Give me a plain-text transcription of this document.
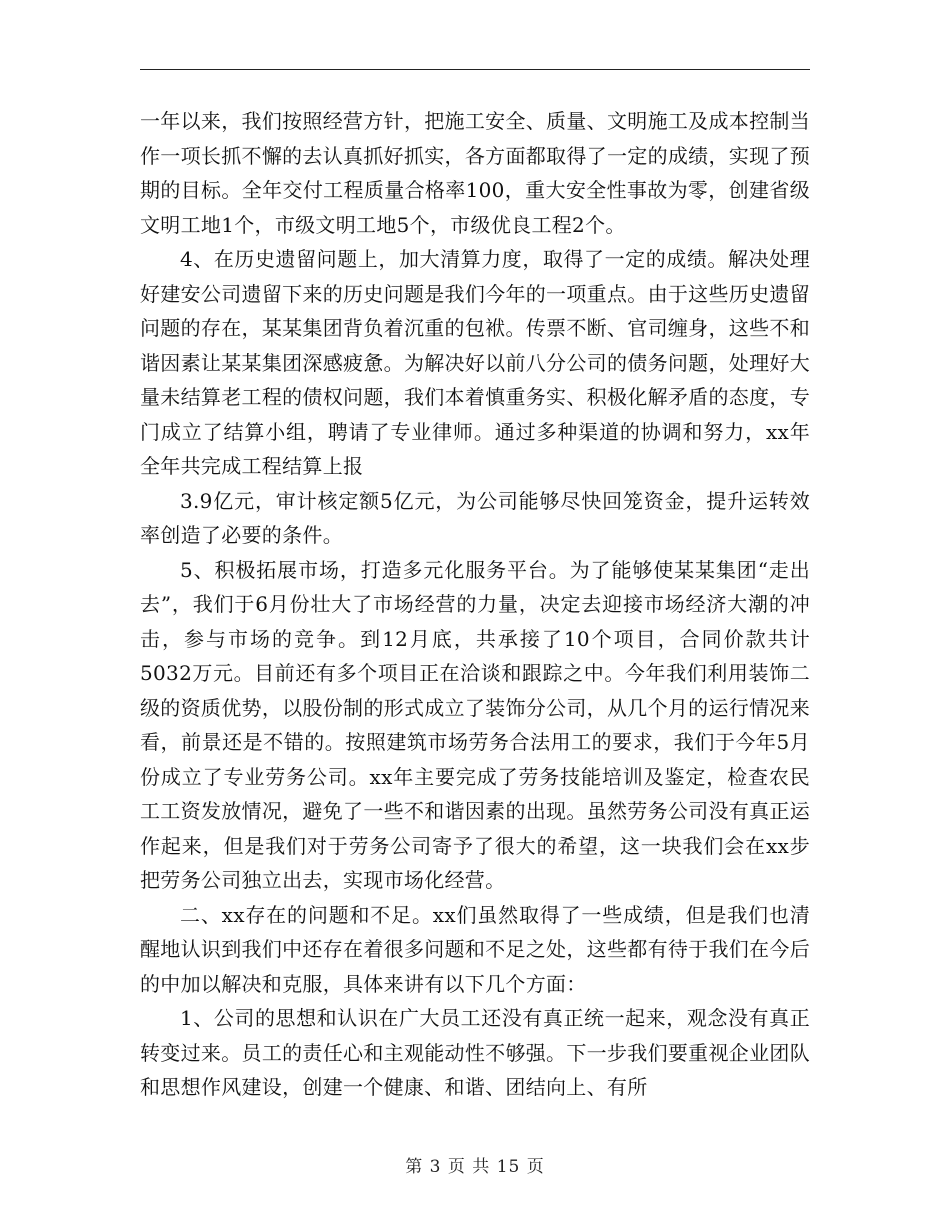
一年以来，我们按照经营方针，把施工安全、质量、文明施工及成本控制当作一项长抓不懈的去认真抓好抓实，各方面都取得了一定的成绩，实现了预期的目标。全年交付工程质量合格率100，重大安全性事故为零，创建省级文明工地1个，市级文明工地5个，市级优良工程2个。

4、在历史遗留问题上，加大清算力度，取得了一定的成绩。解决处理好建安公司遗留下来的历史问题是我们今年的一项重点。由于这些历史遗留问题的存在，某某集团背负着沉重的包袱。传票不断、官司缠身，这些不和谐因素让某某集团深感疲惫。为解决好以前八分公司的债务问题，处理好大量未结算老工程的债权问题，我们本着慎重务实、积极化解矛盾的态度，专门成立了结算小组，聘请了专业律师。通过多种渠道的协调和努力，xx年全年共完成工程结算上报

3.9亿元，审计核定额5亿元，为公司能够尽快回笼资金，提升运转效率创造了必要的条件。

5、积极拓展市场，打造多元化服务平台。为了能够使某某集团“走出去”，我们于6月份壮大了市场经营的力量，决定去迎接市场经济大潮的冲击，参与市场的竞争。到12月底，共承接了10个项目，合同价款共计5032万元。目前还有多个项目正在洽谈和跟踪之中。今年我们利用装饰二级的资质优势，以股份制的形式成立了装饰分公司，从几个月的运行情况来看，前景还是不错的。按照建筑市场劳务合法用工的要求，我们于今年5月份成立了专业劳务公司。xx年主要完成了劳务技能培训及鉴定，检查农民工工资发放情况，避免了一些不和谐因素的出现。虽然劳务公司没有真正运作起来，但是我们对于劳务公司寄予了很大的希望，这一块我们会在xx步把劳务公司独立出去，实现市场化经营。

二、xx存在的问题和不足。xx们虽然取得了一些成绩，但是我们也清醒地认识到我们中还存在着很多问题和不足之处，这些都有待于我们在今后的中加以解决和克服，具体来讲有以下几个方面：

1、公司的思想和认识在广大员工还没有真正统一起来，观念没有真正转变过来。员工的责任心和主观能动性不够强。下一步我们要重视企业团队和思想作风建设，创建一个健康、和谐、团结向上、有所

第 3 页 共 15 页
